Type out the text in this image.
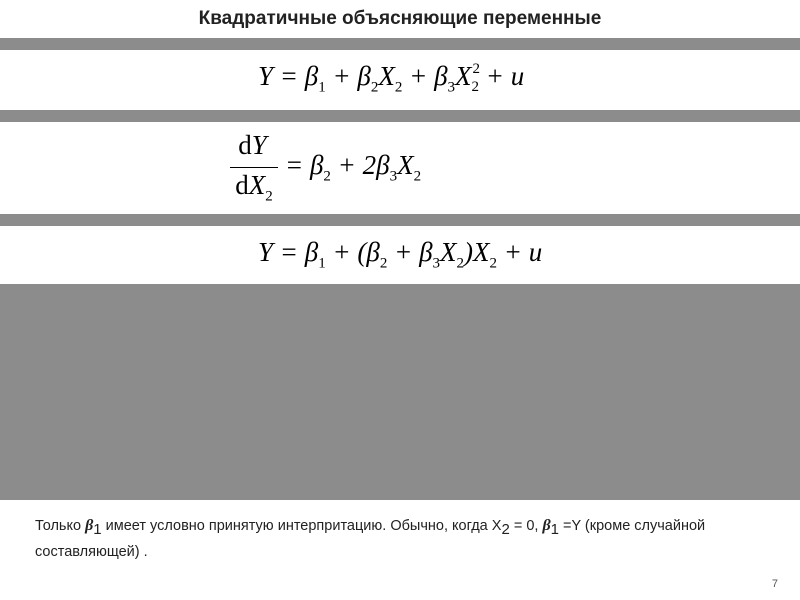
Квадратичные объясняющие переменные
$Y = \beta_1 + \beta_2X_2 + \beta_3X_{2 2} + u$
dY
$dX_2$
= $\beta_2 + 2\beta_3X_2$
$Y = \beta_1 + (\beta_2 + \beta_3X_2)X_2 + u$
Только $\beta_1$ имеет условно принятую интерпритацию. Обычно, когда $X_2 = 0$, $\beta_1 =Y$ (кроме случайной составляющей) .
7
